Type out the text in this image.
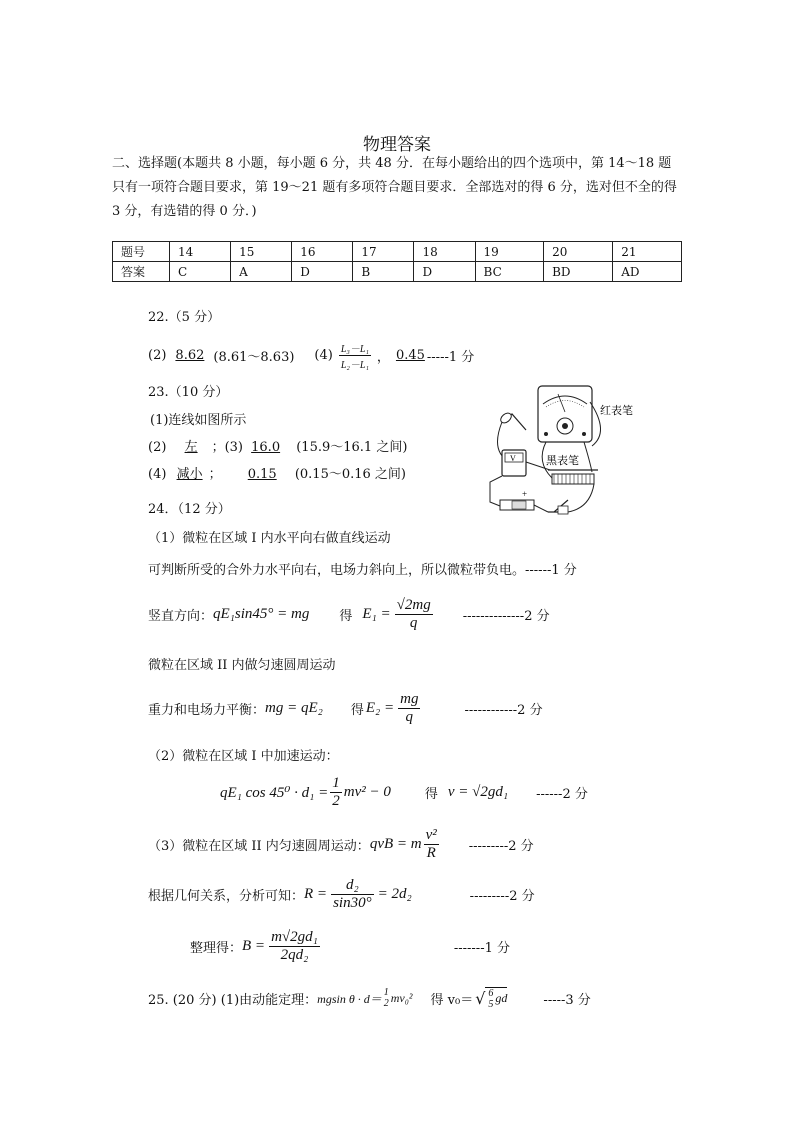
物理答案
二、选择题(本题共 8 小题，每小题 6 分，共 48 分．在每小题给出的四个选项中，第 14～18 题只有一项符合题目要求，第 19～21 题有多项符合题目要求．全部选对的得 6 分，选对但不全的得 3 分，有选错的得 0 分．)
题号	14	15	16	17	18	19	20	21
答案	C	A	D	B	D	BC	BD	AD
22.（5 分）
(2) 8.62 (8.61～8.63) $(4) \frac{\text{L₃－L₁}}{\text{L₂－L₁}}$ ， 0.45 -----1 分
23.（10 分）
(1)连线如图所示
(2) 左 ；(3) 16.0 (15.9～16.1 之间)
(4) 减小 ； 0.15 (0.15～0.16 之间)
V
红表笔
黑表笔
+
24．（12 分）
（1）微粒在区域 I 内水平向右做直线运动
可判断所受的合外力水平向右，电场力斜向上，所以微粒带负电。------1 分
竖直方向： qE₁sin45° = mg 得 $E_1 = \frac{√2mg}{q} --------------2$ 分
微粒在区域 II 内做匀速圆周运动
重力和电场力平衡： mg = qE₂ 得 $E_2 = \frac{mg}{q}$	------------2 分
（2）微粒在区域 I 中加速运动：
qE₁ $\cos 45^0 \cdot d_1 = \frac{1}{2} mv^2 - 0$	得 v = √2gd₁ ------2 分
（3）微粒在区域 II 内匀速圆周运动： qvB = m $\frac{\text{v²}}{R} ---------2$ 分
根据几何关系，分析可知： $R = \frac{\text{d₂}}{\sin 30^\circ} = 2d_2$	---------2 分
整理得： $B = \frac{\text{m√2gd₁}}{\text{2qd₂}}$	-------1 分
25. (20 分) (1)由动能定理： mgsin θ · d＝ 1
2 mv₀² 得 v₀＝ √ 6
5 gd	-----3 分
